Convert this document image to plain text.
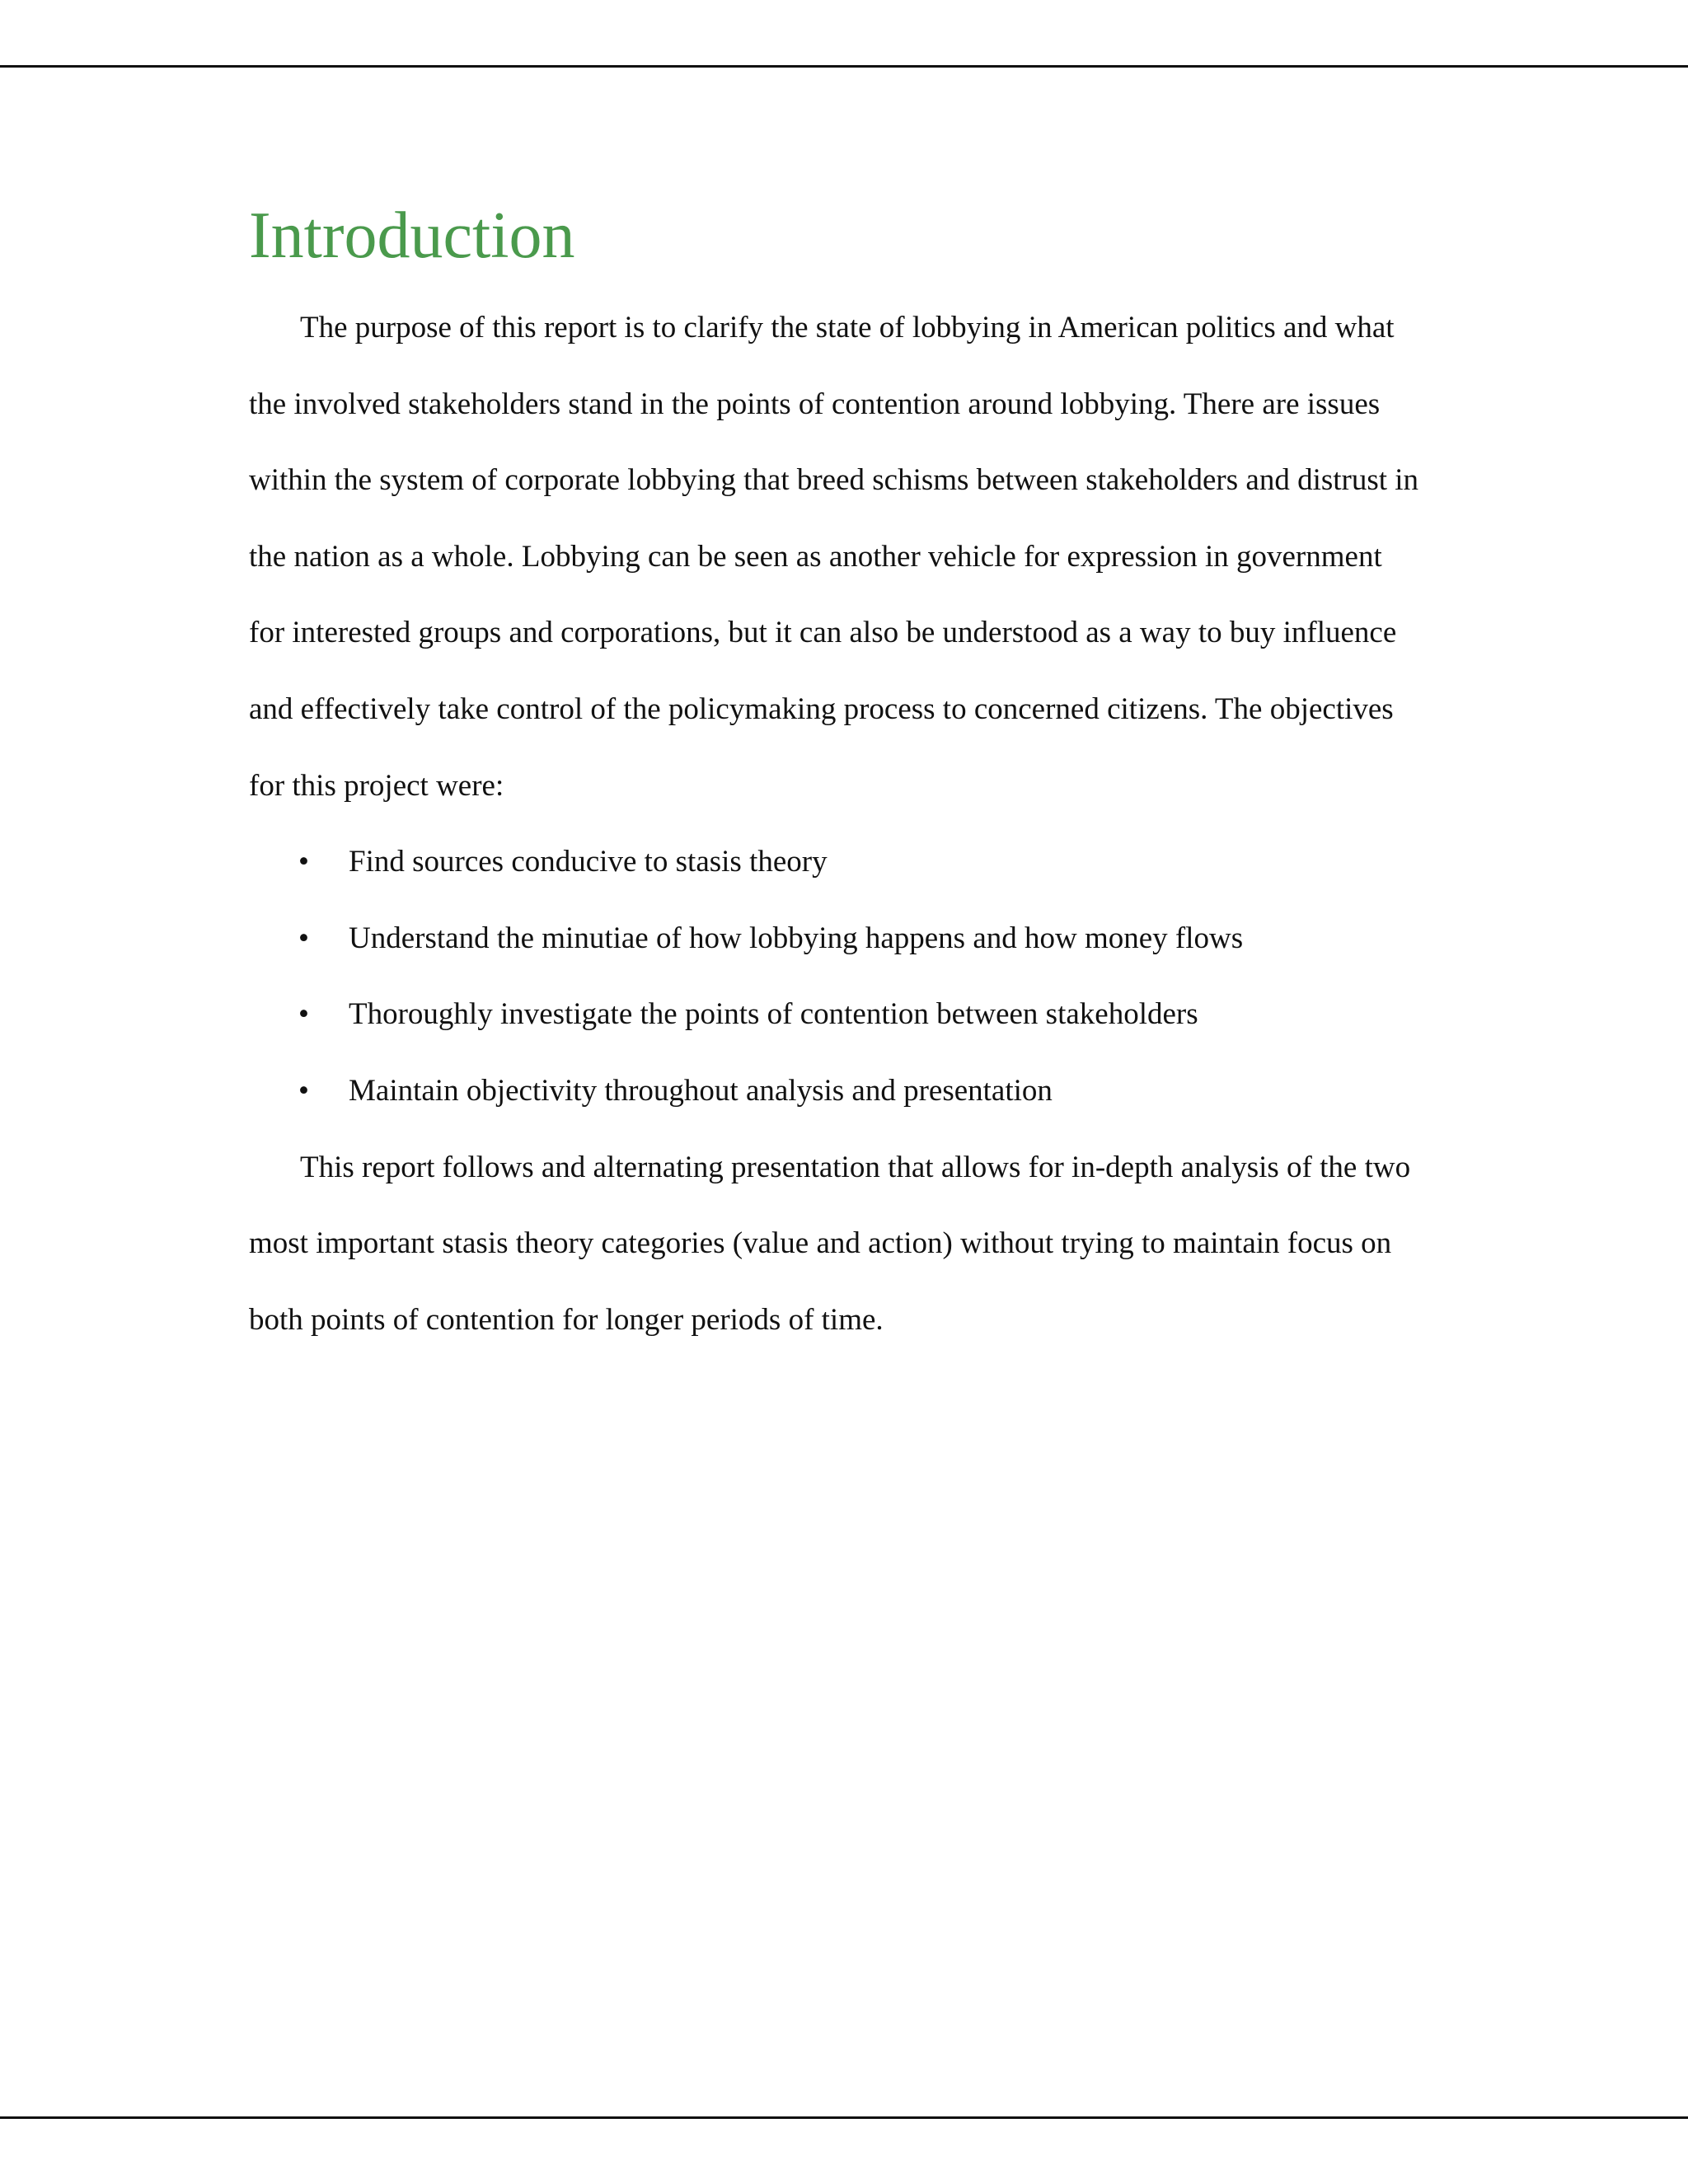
Introduction

The purpose of this report is to clarify the state of lobbying in American politics and what the involved stakeholders stand in the points of contention around lobbying. There are issues within the system of corporate lobbying that breed schisms between stakeholders and distrust in the nation as a whole. Lobbying can be seen as another vehicle for expression in government for interested groups and corporations, but it can also be understood as a way to buy influence and effectively take control of the policymaking process to concerned citizens. The objectives for this project were:

• Find sources conducive to stasis theory
• Understand the minutiae of how lobbying happens and how money flows
• Thoroughly investigate the points of contention between stakeholders
• Maintain objectivity throughout analysis and presentation

This report follows and alternating presentation that allows for in-depth analysis of the two most important stasis theory categories (value and action) without trying to maintain focus on both points of contention for longer periods of time.
